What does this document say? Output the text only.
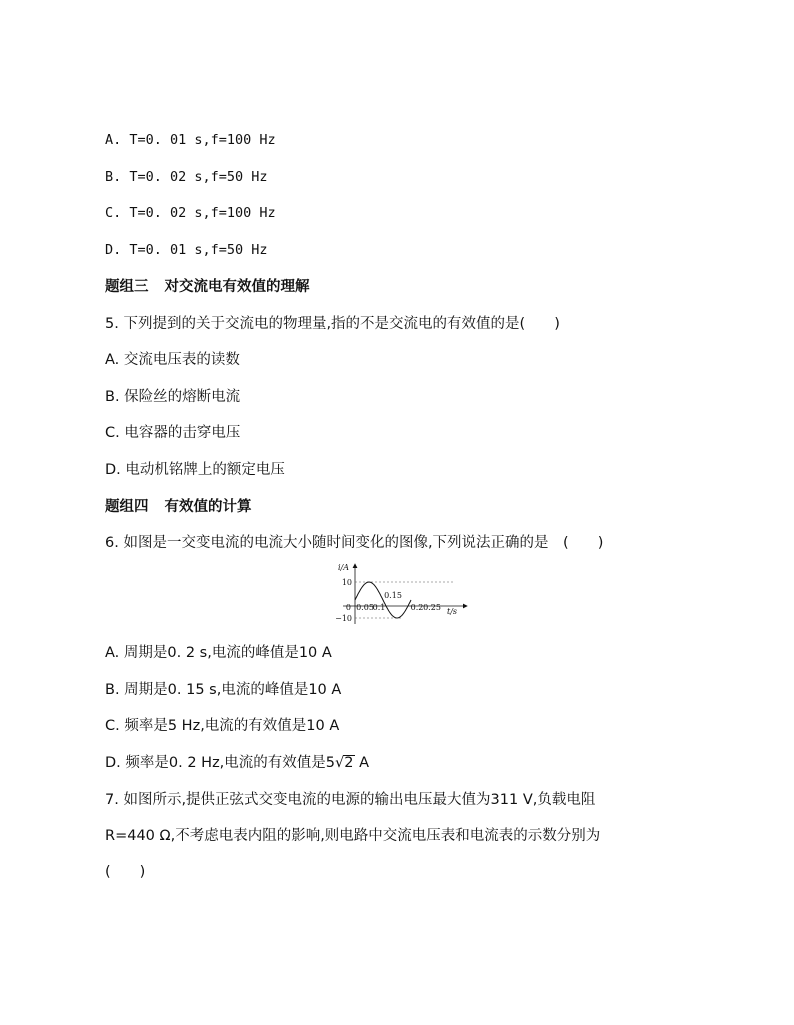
A. T=0. 01 s,f=100 Hz
B. T=0. 02 s,f=50 Hz
C. T=0. 02 s,f=100 Hz
D. T=0. 01 s,f=50 Hz
题组三 对交流电有效值的理解
5. 下列提到的关于交流电的物理量,指的不是交流电的有效值的是(　　)
A. 交流电压表的读数
B. 保险丝的熔断电流
C. 电容器的击穿电压
D. 电动机铭牌上的额定电压
题组四 有效值的计算
6. 如图是一交变电流的电流大小随时间变化的图像,下列说法正确的是　(　　)
i/A
t/s
10
−10
0 0.05
0.1
0.15
0.2 0.25
A. 周期是0. 2 s,电流的峰值是10 A
B. 周期是0. 15 s,电流的峰值是10 A
C. 频率是5 Hz,电流的有效值是10 A
D. 频率是0. 2 Hz,电流的有效值是5√2 A
7. 如图所示,提供正弦式交变电流的电源的输出电压最大值为311 V,负载电阻
R=440 Ω,不考虑电表内阻的影响,则电路中交流电压表和电流表的示数分别为
(　　)
